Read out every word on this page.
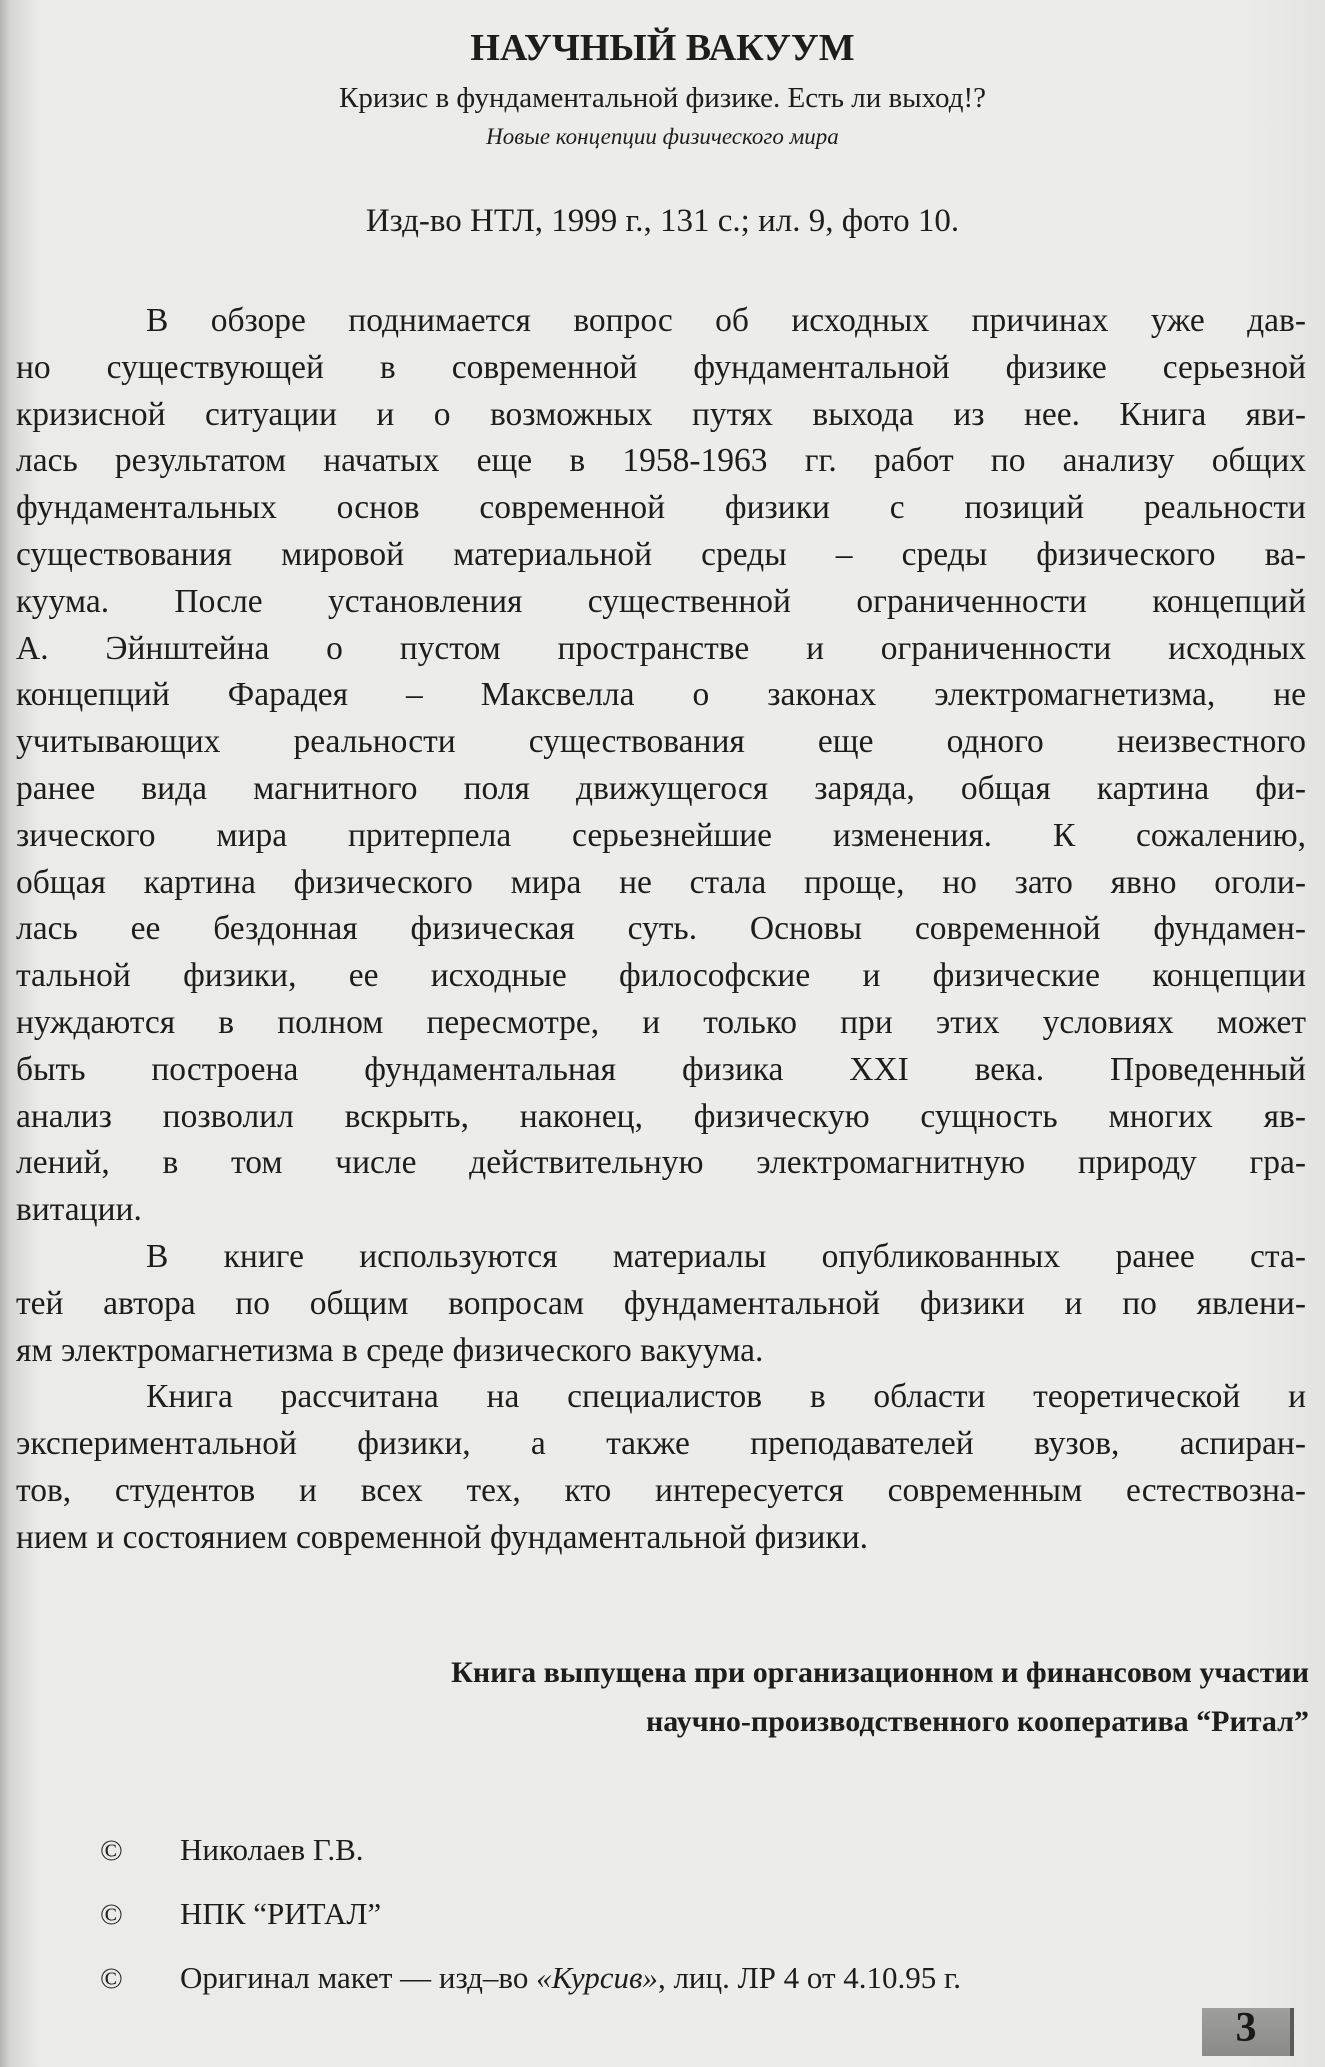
НАУЧНЫЙ ВАКУУМ
Кризис в фундаментальной физике. Есть ли выход!?
Новые концепции физического мира
Изд-во НТЛ, 1999 г., 131 с.; ил. 9, фото 10.
В обзоре поднимается вопрос об исходных причинах уже дав-
но существующей в современной фундаментальной физике серьезной
кризисной ситуации и о возможных путях выхода из нее. Книга яви-
лась результатом начатых еще в 1958-1963 гг. работ по анализу общих
фундаментальных основ современной физики с позиций реальности
существования мировой материальной среды – среды физического ва-
куума. После установления существенной ограниченности концепций
А. Эйнштейна о пустом пространстве и ограниченности исходных
концепций Фарадея – Максвелла о законах электромагнетизма, не
учитывающих реальности существования еще одного неизвестного
ранее вида магнитного поля движущегося заряда, общая картина фи-
зического мира притерпела серьезнейшие изменения. К сожалению,
общая картина физического мира не стала проще, но зато явно оголи-
лась ее бездонная физическая суть. Основы современной фундамен-
тальной физики, ее исходные философские и физические концепции
нуждаются в полном пересмотре, и только при этих условиях может
быть построена фундаментальная физика XXI века. Проведенный
анализ позволил вскрыть, наконец, физическую сущность многих яв-
лений, в том числе действительную электромагнитную природу гра-
витации.
В книге используются материалы опубликованных ранее ста-
тей автора по общим вопросам фундаментальной физики и по явлени-
ям электромагнетизма в среде физического вакуума.
Книга рассчитана на специалистов в области теоретической и
экспериментальной физики, а также преподавателей вузов, аспиран-
тов, студентов и всех тех, кто интересуется современным естествозна-
нием и состоянием современной фундаментальной физики.
Книга выпущена при организационном и финансовом участии
научно-производственного кооператива “Ритал”
© Николаев Г.В.
© НПК “РИТАЛ”
© Оригинал макет — изд–во «Курсив», лиц. ЛР 4 от 4.10.95 г.
3
